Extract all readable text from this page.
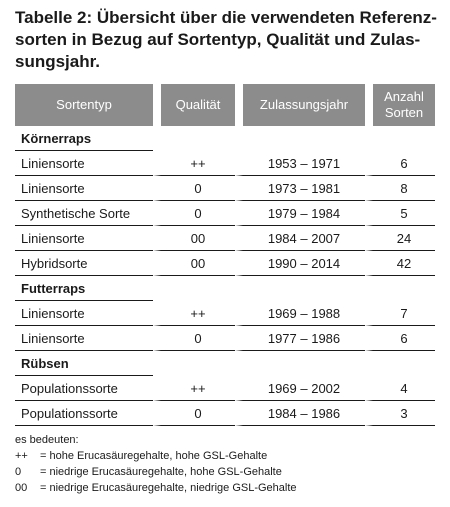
Tabelle 2: Übersicht über die verwendeten Referenz-
sorten in Bezug auf Sortentyp, Qualität und Zulas-
sungsjahr.
Sortentyp	Qualität	Zulassungsjahr	Anzahl
Sorten

Körnerraps			
Liniensorte	++	1953 – 1971	6
Liniensorte	0	1973 – 1981	8
Synthetische Sorte	0	1979 – 1984	5
Liniensorte	00	1984 – 2007	24
Hybridsorte	00	1990 – 2014	42
Futterraps			
Liniensorte	++	1969 – 1988	7
Liniensorte	0	1977 – 1986	6
Rübsen			
Populationssorte	++	1969 – 2002	4
Populationssorte	0	1984 – 1986	3
es bedeuten:
++ = hohe Erucasäuregehalte, hohe GSL-Gehalte
0 = niedrige Erucasäuregehalte, hohe GSL-Gehalte
00 = niedrige Erucasäuregehalte, niedrige GSL-Gehalte
